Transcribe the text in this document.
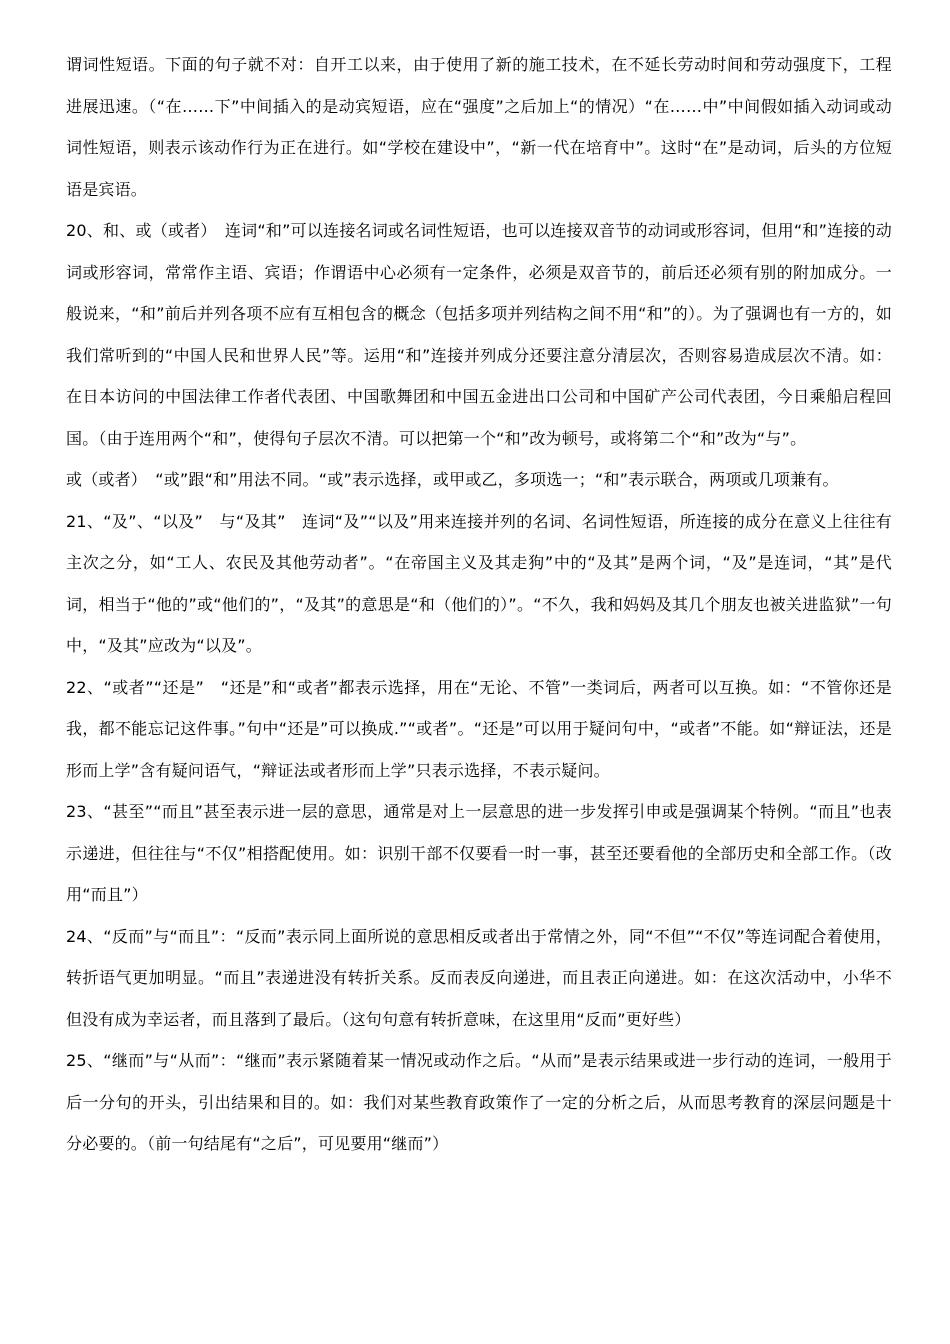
谓词性短语。下面的句子就不对：自开工以来，由于使用了新的施工技术，在不延长劳动时间和劳动强度下，工程进展迅速。（“在……下”中间插入的是动宾短语，应在“强度”之后加上“的情况）“在……中”中间假如插入动词或动词性短语，则表示该动作行为正在进行。如“学校在建设中”，“新一代在培育中”。这时“在”是动词，后头的方位短语是宾语。

20、和、或（或者）　连词“和”可以连接名词或名词性短语，也可以连接双音节的动词或形容词，但用“和”连接的动词或形容词，常常作主语、宾语；作谓语中心必须有一定条件，必须是双音节的，前后还必须有别的附加成分。一般说来，“和”前后并列各项不应有互相包含的概念（包括多项并列结构之间不用“和”的）。为了强调也有一方的，如我们常听到的“中国人民和世界人民”等。运用“和”连接并列成分还要注意分清层次，否则容易造成层次不清。如：在日本访问的中国法律工作者代表团、中国歌舞团和中国五金进出口公司和中国矿产公司代表团，今日乘船启程回国。（由于连用两个“和”，使得句子层次不清。可以把第一个“和”改为顿号，或将第二个“和”改为“与”。

或（或者）　“或”跟“和”用法不同。“或”表示选择，或甲或乙，多项选一；“和”表示联合，两项或几项兼有。

21、“及”、“以及”　与“及其”　连词“及”“以及”用来连接并列的名词、名词性短语，所连接的成分在意义上往往有主次之分，如“工人、农民及其他劳动者”。“在帝国主义及其走狗”中的“及其”是两个词，“及”是连词，“其”是代词，相当于“他的”或“他们的”，“及其”的意思是“和（他们的）”。“不久，我和妈妈及其几个朋友也被关进监狱”一句中，“及其”应改为“以及”。

22、“或者”“还是”　“还是”和“或者”都表示选择，用在“无论、不管”一类词后，两者可以互换。如：“不管你还是我，都不能忘记这件事。”句中“还是”可以换成.”“或者”。“还是”可以用于疑问句中，“或者”不能。如“辩证法，还是形而上学”含有疑问语气，“辩证法或者形而上学”只表示选择，不表示疑问。

23、“甚至”“而且”甚至表示进一层的意思，通常是对上一层意思的进一步发挥引申或是强调某个特例。“而且”也表示递进，但往往与“不仅”相搭配使用。如：识别干部不仅要看一时一事，甚至还要看他的全部历史和全部工作。（改用“而且”）

24、“反而”与“而且”：“反而”表示同上面所说的意思相反或者出于常情之外，同“不但”“不仅”等连词配合着使用，转折语气更加明显。“而且”表递进没有转折关系。反而表反向递进，而且表正向递进。如：在这次活动中，小华不但没有成为幸运者，而且落到了最后。（这句句意有转折意味，在这里用“反而”更好些）

25、“继而”与“从而”：“继而”表示紧随着某一情况或动作之后。“从而”是表示结果或进一步行动的连词，一般用于后一分句的开头，引出结果和目的。如：我们对某些教育政策作了一定的分析之后，从而思考教育的深层问题是十分必要的。（前一句结尾有“之后”，可见要用“继而”）
